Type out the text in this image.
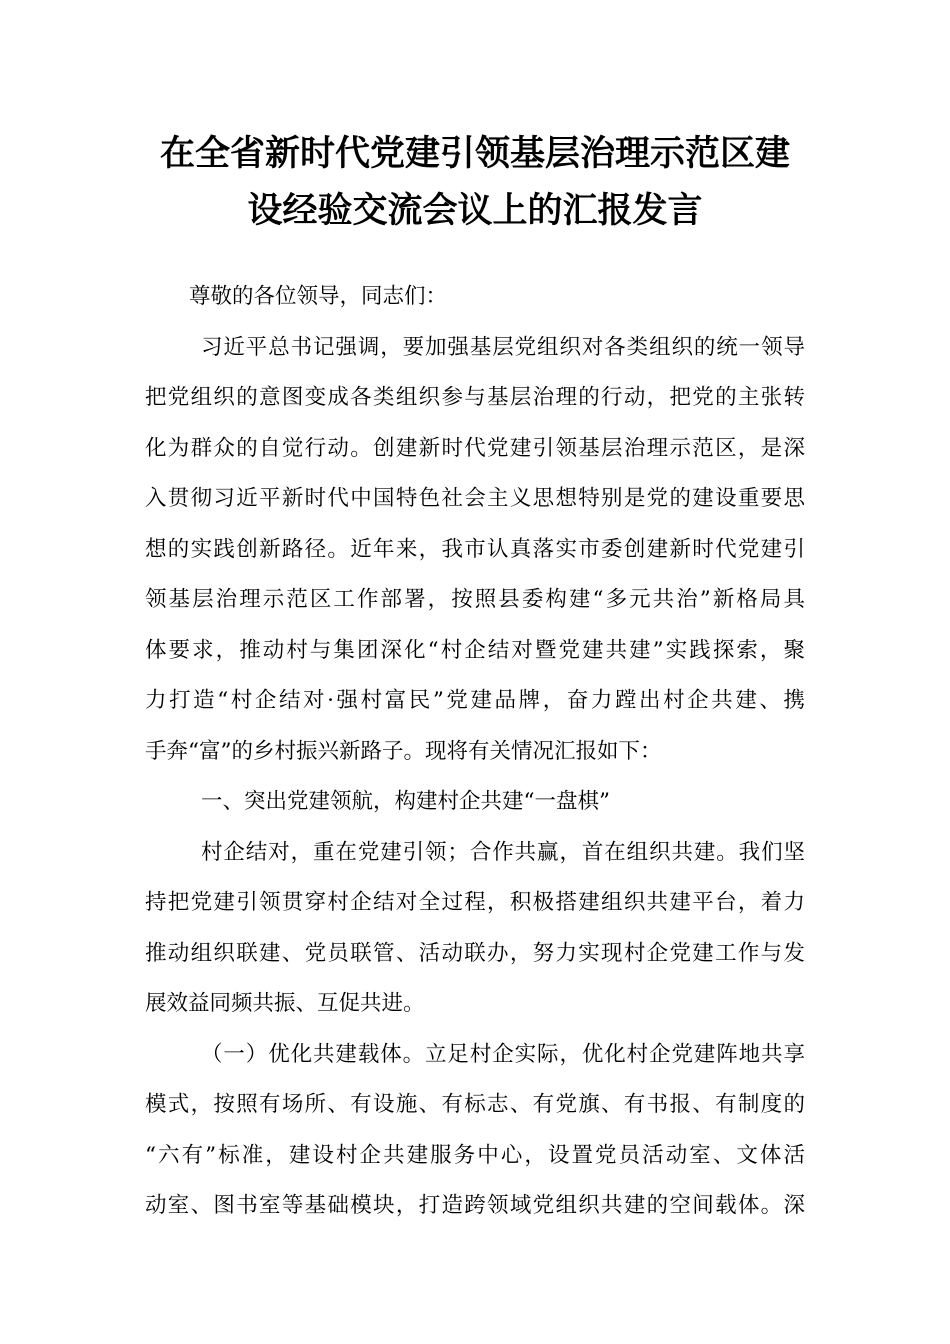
在全省新时代党建引领基层治理示范区建
设经验交流会议上的汇报发言

尊敬的各位领导，同志们：

习近平总书记强调，要加强基层党组织对各类组织的统一领导
把党组织的意图变成各类组织参与基层治理的行动，把党的主张转
化为群众的自觉行动。创建新时代党建引领基层治理示范区，是深
入贯彻习近平新时代中国特色社会主义思想特别是党的建设重要思
想的实践创新路径。近年来，我市认真落实市委创建新时代党建引
领基层治理示范区工作部署，按照县委构建“多元共治”新格局具
体要求，推动村与集团深化“村企结对暨党建共建”实践探索，聚
力打造“村企结对·强村富民”党建品牌，奋力蹚出村企共建、携
手奔“富”的乡村振兴新路子。现将有关情况汇报如下：

一、突出党建领航，构建村企共建“一盘棋”

村企结对，重在党建引领；合作共赢，首在组织共建。我们坚
持把党建引领贯穿村企结对全过程，积极搭建组织共建平台，着力
推动组织联建、党员联管、活动联办，努力实现村企党建工作与发
展效益同频共振、互促共进。

（一）优化共建载体。立足村企实际，优化村企党建阵地共享
模式，按照有场所、有设施、有标志、有党旗、有书报、有制度的
“六有”标准，建设村企共建服务中心，设置党员活动室、文体活
动室、图书室等基础模块，打造跨领域党组织共建的空间载体。深
